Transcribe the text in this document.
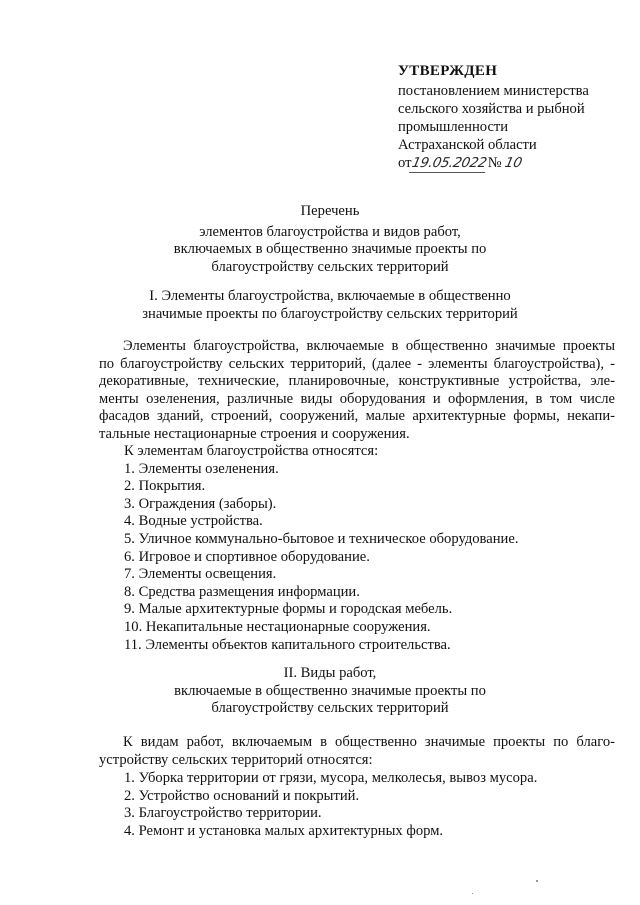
УТВЕРЖДЕН
постановлением министерства
сельского хозяйства и рыбной
промышленности
Астраханской области
от19.05.2022№ 10
Перечень
элементов благоустройства и видов работ,
включаемых в общественно значимые проекты по
благоустройству сельских территорий
I. Элементы благоустройства, включаемые в общественно
значимые проекты по благоустройству сельских территорий
Элементы благоустройства, включаемые в общественно значимые проекты
по благоустройству сельских территорий, (далее - элементы благоустройства), -
декоративные, технические, планировочные, конструктивные устройства, эле-
менты озеленения, различные виды оборудования и оформления, в том числе
фасадов зданий, строений, сооружений, малые архитектурные формы, некапи-
тальные нестационарные строения и сооружения.
К элементам благоустройства относятся:
1. Элементы озеленения.
2. Покрытия.
3. Ограждения (заборы).
4. Водные устройства.
5. Уличное коммунально-бытовое и техническое оборудование.
6. Игровое и спортивное оборудование.
7. Элементы освещения.
8. Средства размещения информации.
9. Малые архитектурные формы и городская мебель.
10. Некапитальные нестационарные сооружения.
11. Элементы объектов капитального строительства.
II. Виды работ,
включаемые в общественно значимые проекты по
благоустройству сельских территорий
К видам работ, включаемым в общественно значимые проекты по благо-
устройству сельских территорий относятся:
1. Уборка территории от грязи, мусора, мелколесья, вывоз мусора.
2. Устройство оснований и покрытий.
3. Благоустройство территории.
4. Ремонт и установка малых архитектурных форм.
